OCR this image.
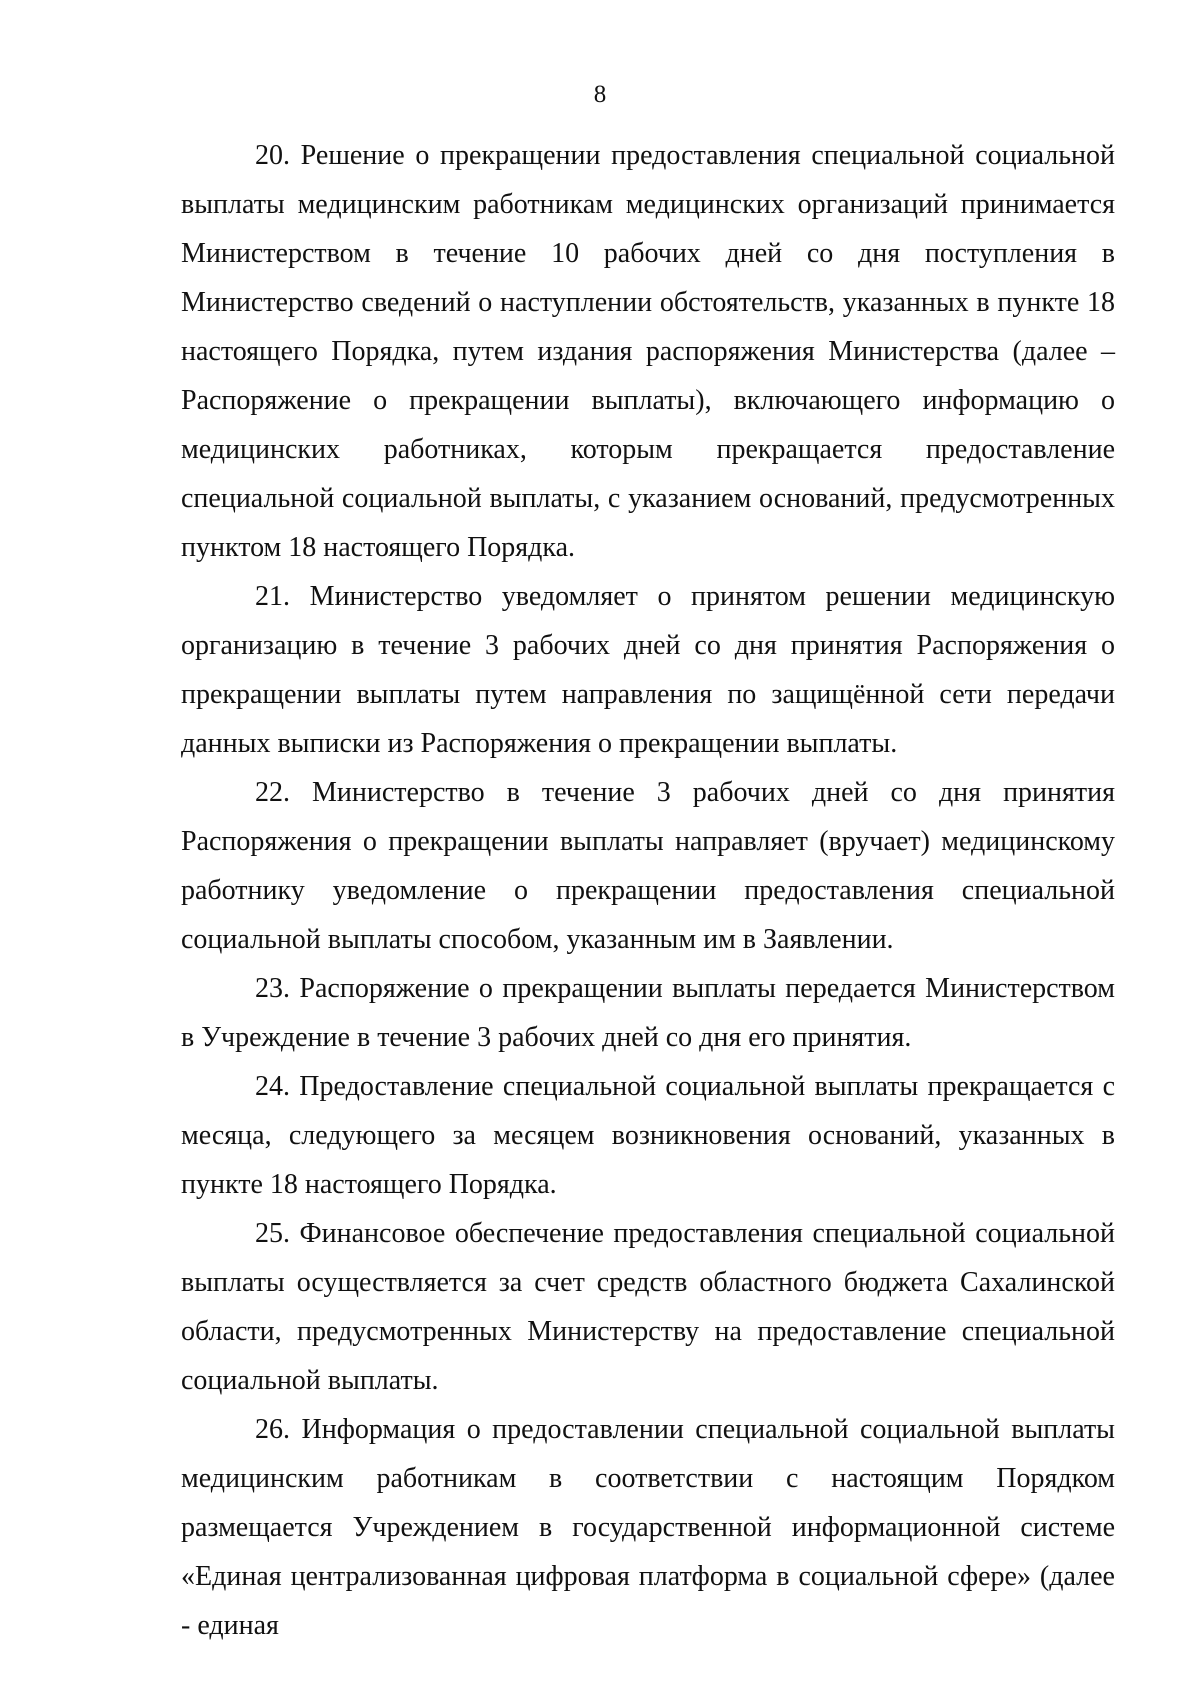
8

20. Решение о прекращении предоставления специальной социальной выплаты медицинским работникам медицинских организаций принимается Министерством в течение 10 рабочих дней со дня поступления в Министерство сведений о наступлении обстоятельств, указанных в пункте 18 настоящего Порядка, путем издания распоряжения Министерства (далее – Распоряжение о прекращении выплаты), включающего информацию о медицинских работниках, которым прекращается предоставление специальной социальной выплаты, с указанием оснований, предусмотренных пунктом 18 настоящего Порядка.

21. Министерство уведомляет о принятом решении медицинскую организацию в течение 3 рабочих дней со дня принятия Распоряжения о прекращении выплаты путем направления по защищённой сети передачи данных выписки из Распоряжения о прекращении выплаты.

22. Министерство в течение 3 рабочих дней со дня принятия Распоряжения о прекращении выплаты направляет (вручает) медицинскому работнику уведомление о прекращении предоставления специальной социальной выплаты способом, указанным им в Заявлении.

23. Распоряжение о прекращении выплаты передается Министерством в Учреждение в течение 3 рабочих дней со дня его принятия.

24. Предоставление специальной социальной выплаты прекращается с месяца, следующего за месяцем возникновения оснований, указанных в пункте 18 настоящего Порядка.

25. Финансовое обеспечение предоставления специальной социальной выплаты осуществляется за счет средств областного бюджета Сахалинской области, предусмотренных Министерству на предоставление специальной социальной выплаты.

26. Информация о предоставлении специальной социальной выплаты медицинским работникам в соответствии с настоящим Порядком размещается Учреждением в государственной информационной системе «Единая централизованная цифровая платформа в социальной сфере» (далее - единая
